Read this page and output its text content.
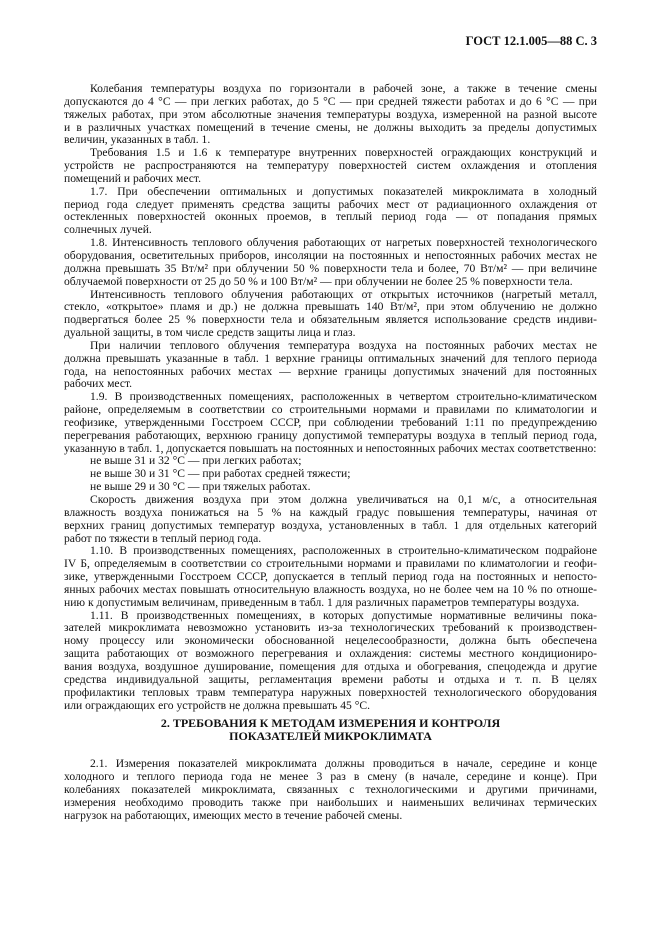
ГОСТ 12.1.005—88 С. 3
Колебания температуры воздуха по горизонтали в рабочей зоне, а также в течение смены
допускаются до 4 °С — при легких работах, до 5 °С — при средней тяжести работах и до 6 °С — при
тяжелых работах, при этом абсолютные значения температуры воздуха, измеренной на разной высоте
и в различных участках помещений в течение смены, не должны выходить за пределы допустимых
величин, указанных в табл. 1.
Требования 1.5 и 1.6 к температуре внутренних поверхностей ограждающих конструкций и
устройств не распространяются на температуру поверхностей систем охлаждения и отопления
помещений и рабочих мест.
1.7. При обеспечении оптимальных и допустимых показателей микроклимата в холодный
период года следует применять средства защиты рабочих мест от радиационного охлаждения от
остекленных поверхностей оконных проемов, в теплый период года — от попадания прямых
солнечных лучей.
1.8. Интенсивность теплового облучения работающих от нагретых поверхностей технологического
оборудования, осветительных приборов, инсоляции на постоянных и непостоянных рабочих местах не
должна превышать 35 Вт/м² при облучении 50 % поверхности тела и более, 70 Вт/м² — при величине
облучаемой поверхности от 25 до 50 % и 100 Вт/м² — при облучении не более 25 % поверхности тела.
Интенсивность теплового облучения работающих от открытых источников (нагретый металл,
стекло, «открытое» пламя и др.) не должна превышать 140 Вт/м², при этом облучению не должно
подвергаться более 25 % поверхности тела и обязательным является использование средств индиви-
дуальной защиты, в том числе средств защиты лица и глаз.
При наличии теплового облучения температура воздуха на постоянных рабочих местах не
должна превышать указанные в табл. 1 верхние границы оптимальных значений для теплого периода
года, на непостоянных рабочих местах — верхние границы допустимых значений для постоянных
рабочих мест.
1.9. В производственных помещениях, расположенных в четвертом строительно-климатическом
районе, определяемым в соответствии со строительными нормами и правилами по климатологии и
геофизике, утвержденными Госстроем СССР, при соблюдении требований 1:11 по предупреждению
перегревания работающих, верхнюю границу допустимой температуры воздуха в теплый период года,
указанную в табл. 1, допускается повышать на постоянных и непостоянных рабочих местах соответственно:
не выше 31 и 32 °С — при легких работах;
не выше 30 и 31 °С — при работах средней тяжести;
не выше 29 и 30 °С — при тяжелых работах.
Скорость движения воздуха при этом должна увеличиваться на 0,1 м/с, а относительная
влажность воздуха понижаться на 5 % на каждый градус повышения температуры, начиная от
верхних границ допустимых температур воздуха, установленных в табл. 1 для отдельных категорий
работ по тяжести в теплый период года.
1.10. В производственных помещениях, расположенных в строительно-климатическом подрайоне
IV Б, определяемым в соответствии со строительными нормами и правилами по климатологии и геофи-
зике, утвержденными Госстроем СССР, допускается в теплый период года на постоянных и непосто-
янных рабочих местах повышать относительную влажность воздуха, но не более чем на 10 % по отноше-
нию к допустимым величинам, приведенным в табл. 1 для различных параметров температуры воздуха.
1.11. В производственных помещениях, в которых допустимые нормативные величины пока-
зателей микроклимата невозможно установить из-за технологических требований к производствен-
ному процессу или экономически обоснованной нецелесообразности, должна быть обеспечена
защита работающих от возможного перегревания и охлаждения: системы местного кондициониро-
вания воздуха, воздушное душирование, помещения для отдыха и обогревания, спецодежда и другие
средства индивидуальной защиты, регламентация времени работы и отдыха и т. п. В целях
профилактики тепловых травм температура наружных поверхностей технологического оборудования
или ограждающих его устройств не должна превышать 45 °С.
2. ТРЕБОВАНИЯ К МЕТОДАМ ИЗМЕРЕНИЯ И КОНТРОЛЯ
ПОКАЗАТЕЛЕЙ МИКРОКЛИМАТА
2.1. Измерения показателей микроклимата должны проводиться в начале, середине и конце
холодного и теплого периода года не менее 3 раз в смену (в начале, середине и конце). При
колебаниях показателей микроклимата, связанных с технологическими и другими причинами,
измерения необходимо проводить также при наибольших и наименьших величинах термических
нагрузок на работающих, имеющих место в течение рабочей смены.
